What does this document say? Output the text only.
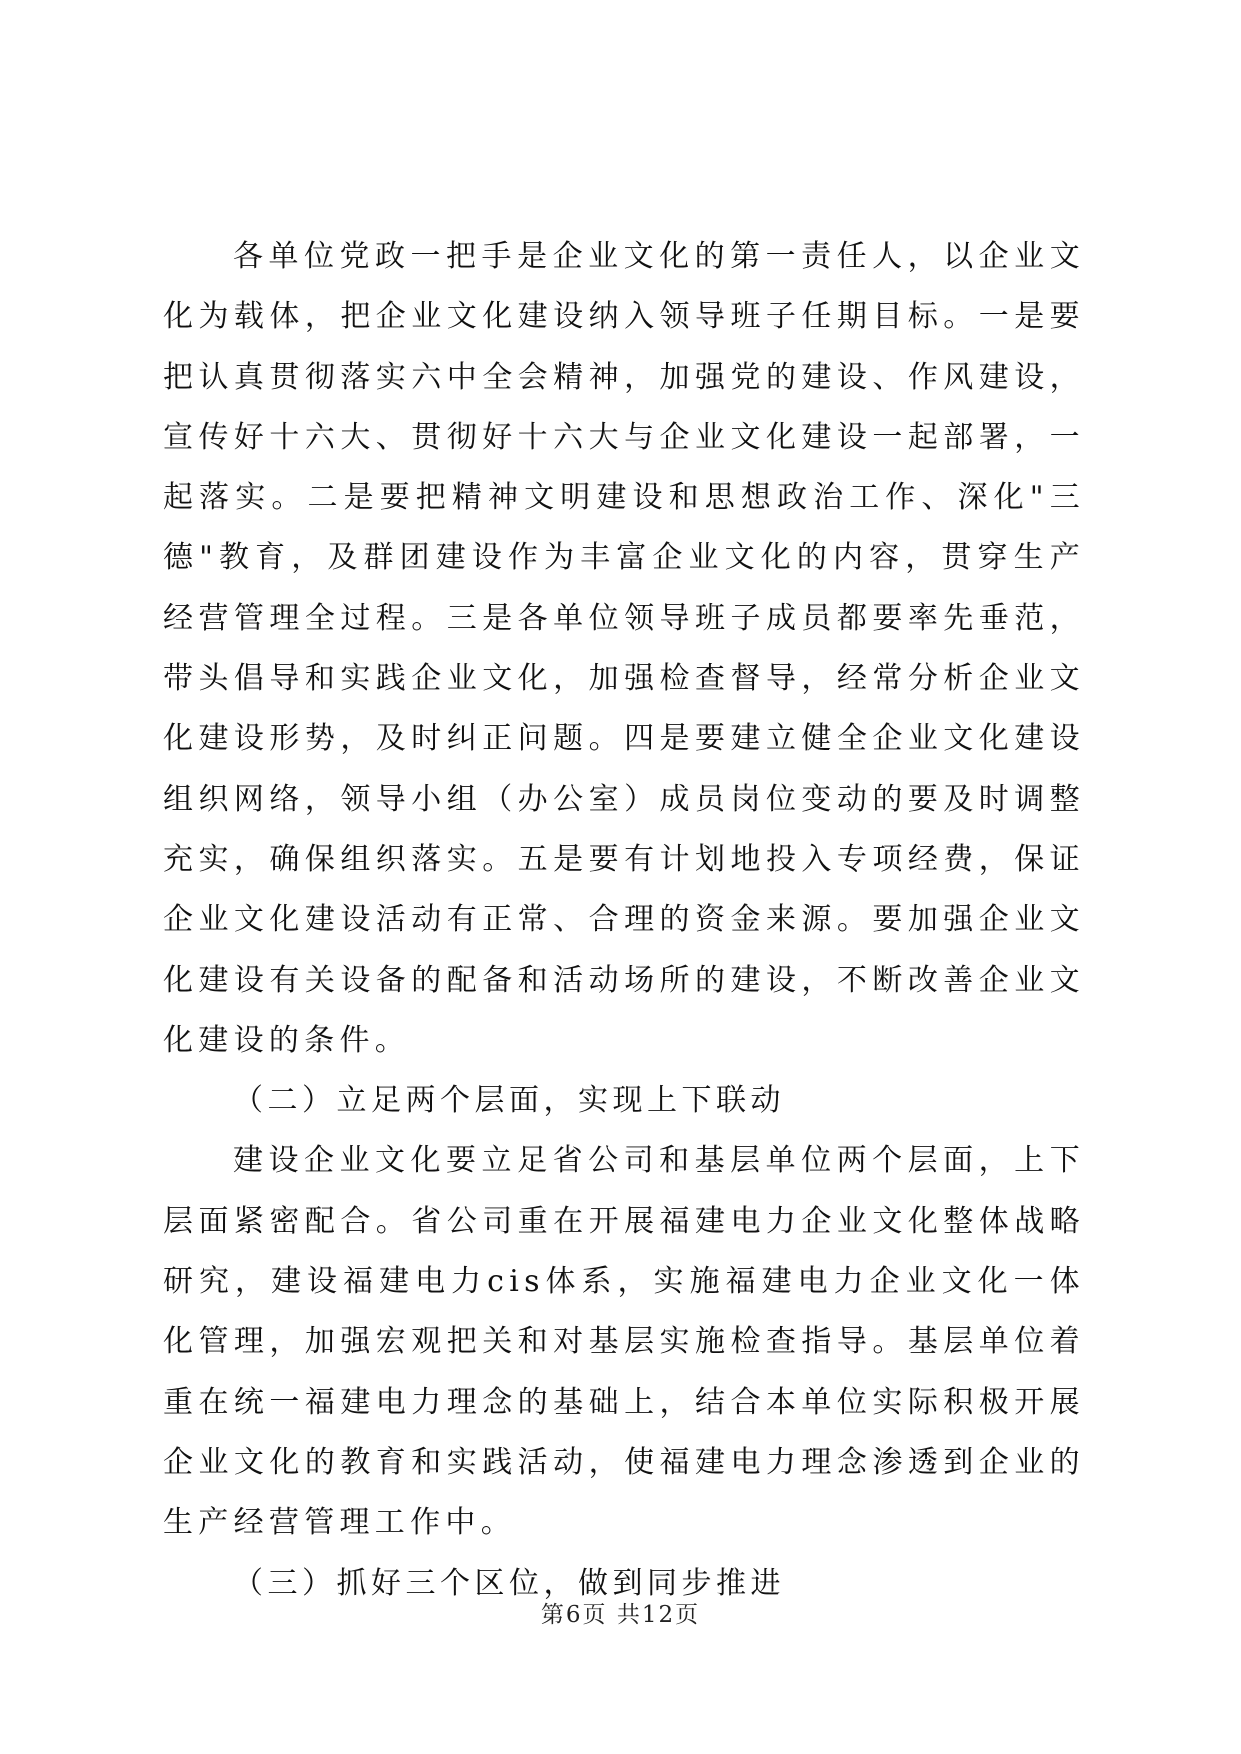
各单位党政一把手是企业文化的第一责任人，以企业文化为载体，把企业文化建设纳入领导班子任期目标。一是要把认真贯彻落实六中全会精神，加强党的建设、作风建设，宣传好十六大、贯彻好十六大与企业文化建设一起部署，一起落实。二是要把精神文明建设和思想政治工作、深化"三德"教育，及群团建设作为丰富企业文化的内容，贯穿生产经营管理全过程。三是各单位领导班子成员都要率先垂范，带头倡导和实践企业文化，加强检查督导，经常分析企业文化建设形势，及时纠正问题。四是要建立健全企业文化建设组织网络，领导小组（办公室）成员岗位变动的要及时调整充实，确保组织落实。五是要有计划地投入专项经费，保证企业文化建设活动有正常、合理的资金来源。要加强企业文化建设有关设备的配备和活动场所的建设，不断改善企业文化建设的条件。

（二）立足两个层面，实现上下联动

建设企业文化要立足省公司和基层单位两个层面，上下层面紧密配合。省公司重在开展福建电力企业文化整体战略研究，建设福建电力cis体系，实施福建电力企业文化一体化管理，加强宏观把关和对基层实施检查指导。基层单位着重在统一福建电力理念的基础上，结合本单位实际积极开展企业文化的教育和实践活动，使福建电力理念渗透到企业的生产经营管理工作中。

（三）抓好三个区位，做到同步推进

第6页 共12页
